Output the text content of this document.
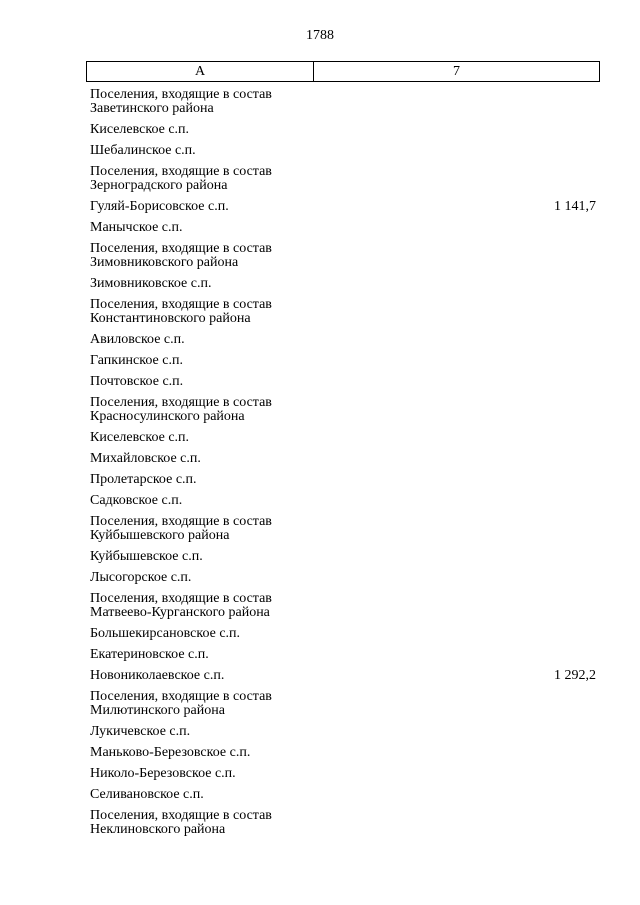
1788
А	7
Поселения, входящие в состав Заветинского района
Киселевское с.п.
Шебалинское с.п.
Поселения, входящие в состав Зерноградского района
Гуляй-Борисовское с.п.	1 141,7
Манычское с.п.
Поселения, входящие в состав Зимовниковского района
Зимовниковское с.п.
Поселения, входящие в состав Константиновского района
Авиловское с.п.
Гапкинское с.п.
Почтовское с.п.
Поселения, входящие в состав Красносулинского района
Киселевское с.п.
Михайловское с.п.
Пролетарское с.п.
Садковское с.п.
Поселения, входящие в состав Куйбышевского района
Куйбышевское с.п.
Лысогорское с.п.
Поселения, входящие в состав Матвеево-Курганского района
Большекирсановское с.п.
Екатериновское с.п.
Новониколаевское с.п.	1 292,2
Поселения, входящие в состав Милютинского района
Лукичевское с.п.
Маньково-Березовское с.п.
Николо-Березовское с.п.
Селивановское с.п.
Поселения, входящие в состав Неклиновского района
